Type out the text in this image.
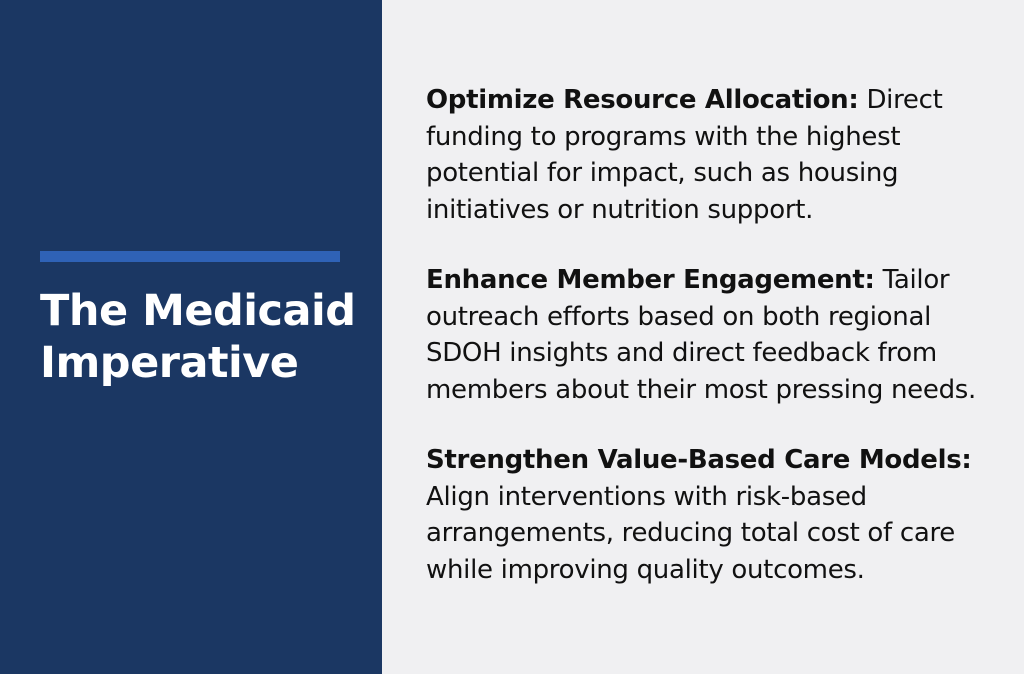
The Medicaid Imperative
Optimize Resource Allocation: Direct funding to programs with the highest potential for impact, such as housing initiatives or nutrition support.
Enhance Member Engagement: Tailor outreach efforts based on both regional SDOH insights and direct feedback from members about their most pressing needs.
Strengthen Value-Based Care Models: Align interventions with risk-based arrangements, reducing total cost of care while improving quality outcomes.
